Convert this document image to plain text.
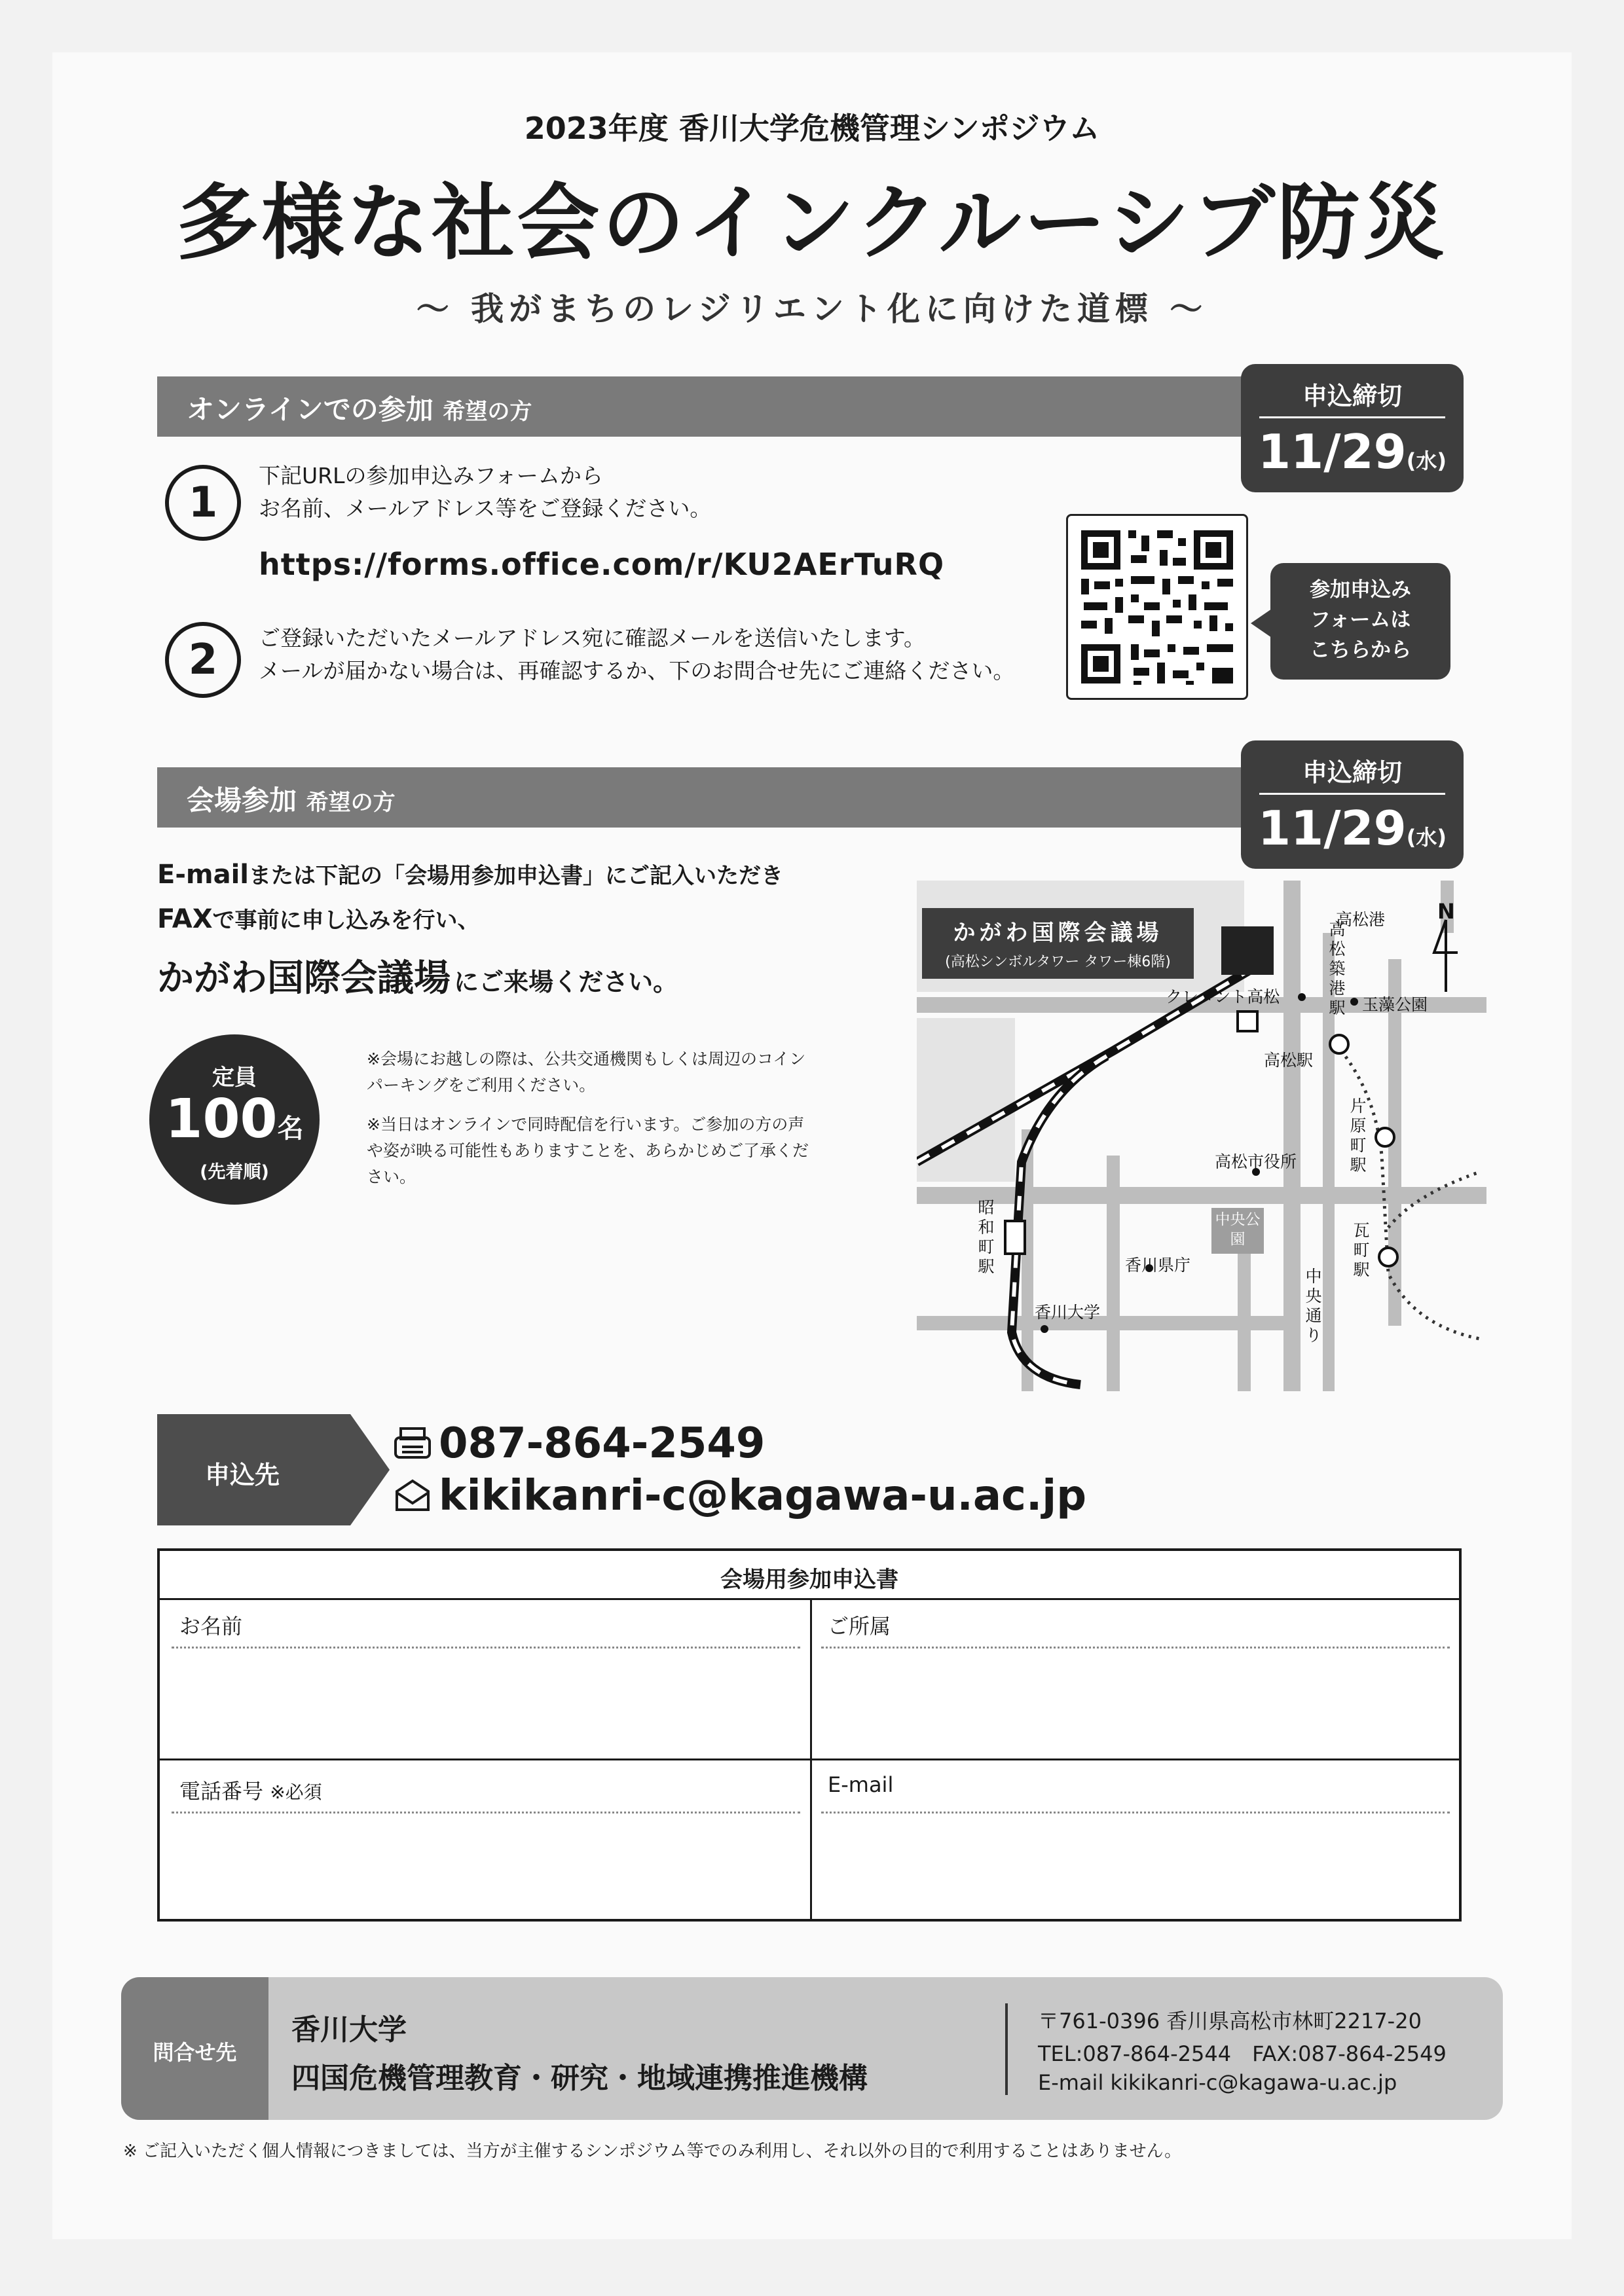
2023年度 香川大学危機管理シンポジウム
多様な社会のインクルーシブ防災
～ 我がまちのレジリエント化に向けた道標 ～
オンラインでの参加 希望の方
申込締切
11/29(水)
1
下記URLの参加申込みフォームから
お名前、メールアドレス等をご登録ください。
https://forms.office.com/r/KU2AErTuRQ
2	ご登録いただいたメールアドレス宛に確認メールを送信いたします。
メールが届かない場合は、再確認するか、下のお問合せ先にご連絡ください。
参加申込み
フォームは
こちらから
会場参加 希望の方
申込締切
11/29(水)
E-mailまたは下記の「会場用参加申込書」にご記入いただき
FAXで事前に申し込みを行い、
かがわ国際会議場 にご来場ください。
定員
100名
(先着順)
※会場にお越しの際は、公共交通機関もしくは周辺のコイン
パーキングをご利用ください。
※当日はオンラインで同時配信を行います。ご参加の方の声
や姿が映る可能性もありますことを、あらかじめご了承くだ
さい。
かがわ国際会議場
(高松シンボルタワー タワー棟6階)
高松港 N
クレメント高松	玉藻公園
高松駅
高松築港駅
片原町駅
高松市役所
中央公園	瓦町駅
昭和町駅	香川県庁
中央通り
香川大学
申込先
087-864-2549
kikikanri-c@kagawa-u.ac.jp
会場用参加申込書
お名前	ご所属
電話番号 ※必須	E-mail
問合せ先
香川大学
四国危機管理教育・研究・地域連携推進機構
〒761-0396 香川県高松市林町2217-20
TEL:087-864-2544　FAX:087-864-2549
E-mail kikikanri-c@kagawa-u.ac.jp
※ ご記入いただく個人情報につきましては、当方が主催するシンポジウム等でのみ利用し、それ以外の目的で利用することはありません。
